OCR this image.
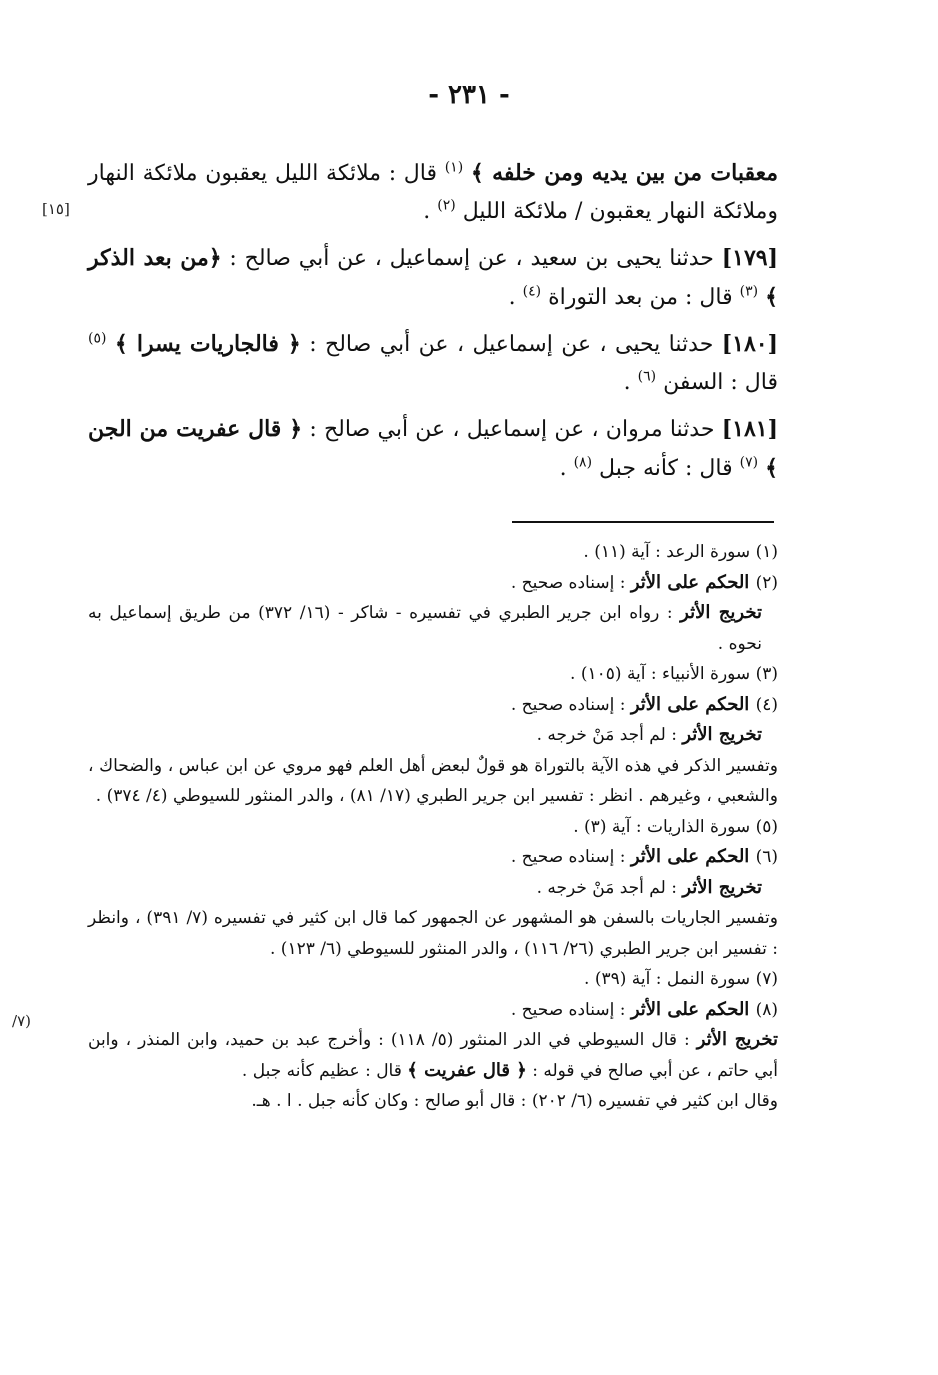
- ٢٣١ -
[١٥]
/٧)

معقبات من بين يديه ومن خلفه ﴾ $^{(١)}$ قال : ملائكة الليل يعقبون ملائكة النهار وملائكة النهار يعقبون / ملائكة الليل $^{(٢)}$ .

[١٧٩] حدثنا يحيى بن سعيد ، عن إسماعيل ، عن أبي صالح : ﴿من بعد الذكر ﴾ $^{(٣)}$ قال : من بعد التوراة $^{(٤)}$ .

[١٨٠] حدثنا يحيى ، عن إسماعيل ، عن أبي صالح : ﴿ فالجاريات يسرا ﴾ $^{(٥)}$ قال : السفن $^{(٦)}$ .

[١٨١] حدثنا مروان ، عن إسماعيل ، عن أبي صالح : ﴿ قال عفريت من الجن ﴾ $^{(٧)}$ قال : كأنه جبل $^{(٨)}$ .

(١) سورة الرعد : آية (١١) .

(٢) الحكم على الأثر : إسناده صحيح .

تخريج الأثر : رواه ابن جرير الطبري في تفسيره - شاكر - (١٦/ ٣٧٢) من طريق إسماعيل به نحوه .

(٣) سورة الأنبياء : آية (١٠٥) .

(٤) الحكم على الأثر : إسناده صحيح .

تخريج الأثر : لم أجد مَنْ خرجه .

وتفسير الذكر في هذه الآية بالتوراة هو قولٌ لبعض أهل العلم فهو مروي عن ابن عباس ، والضحاك ، والشعبي ، وغيرهم . انظر : تفسير ابن جرير الطبري (١٧/ ٨١) ، والدر المنثور للسيوطي (٤/ ٣٧٤) .

(٥) سورة الذاريات : آية (٣) .

(٦) الحكم على الأثر : إسناده صحيح .

تخريج الأثر : لم أجد مَنْ خرجه .

وتفسير الجاريات بالسفن هو المشهور عن الجمهور كما قال ابن كثير في تفسيره (٧/ ٣٩١) ، وانظر : تفسير ابن جرير الطبري (٢٦/ ١١٦) ، والدر المنثور للسيوطي (٦/ ١٢٣) .

(٧) سورة النمل : آية (٣٩) .

(٨) الحكم على الأثر : إسناده صحيح .

تخريج الأثر : قال السيوطي في الدر المنثور (٥/ ١١٨) : وأخرج عبد بن حميد، وابن المنذر ، وابن أبي حاتم ، عن أبي صالح في قوله : ﴿ قال عفريت ﴾ قال : عظيم كأنه جبل .

وقال ابن كثير في تفسيره (٦/ ٢٠٢) : قال أبو صالح : وكان كأنه جبل . ا . هـ.
